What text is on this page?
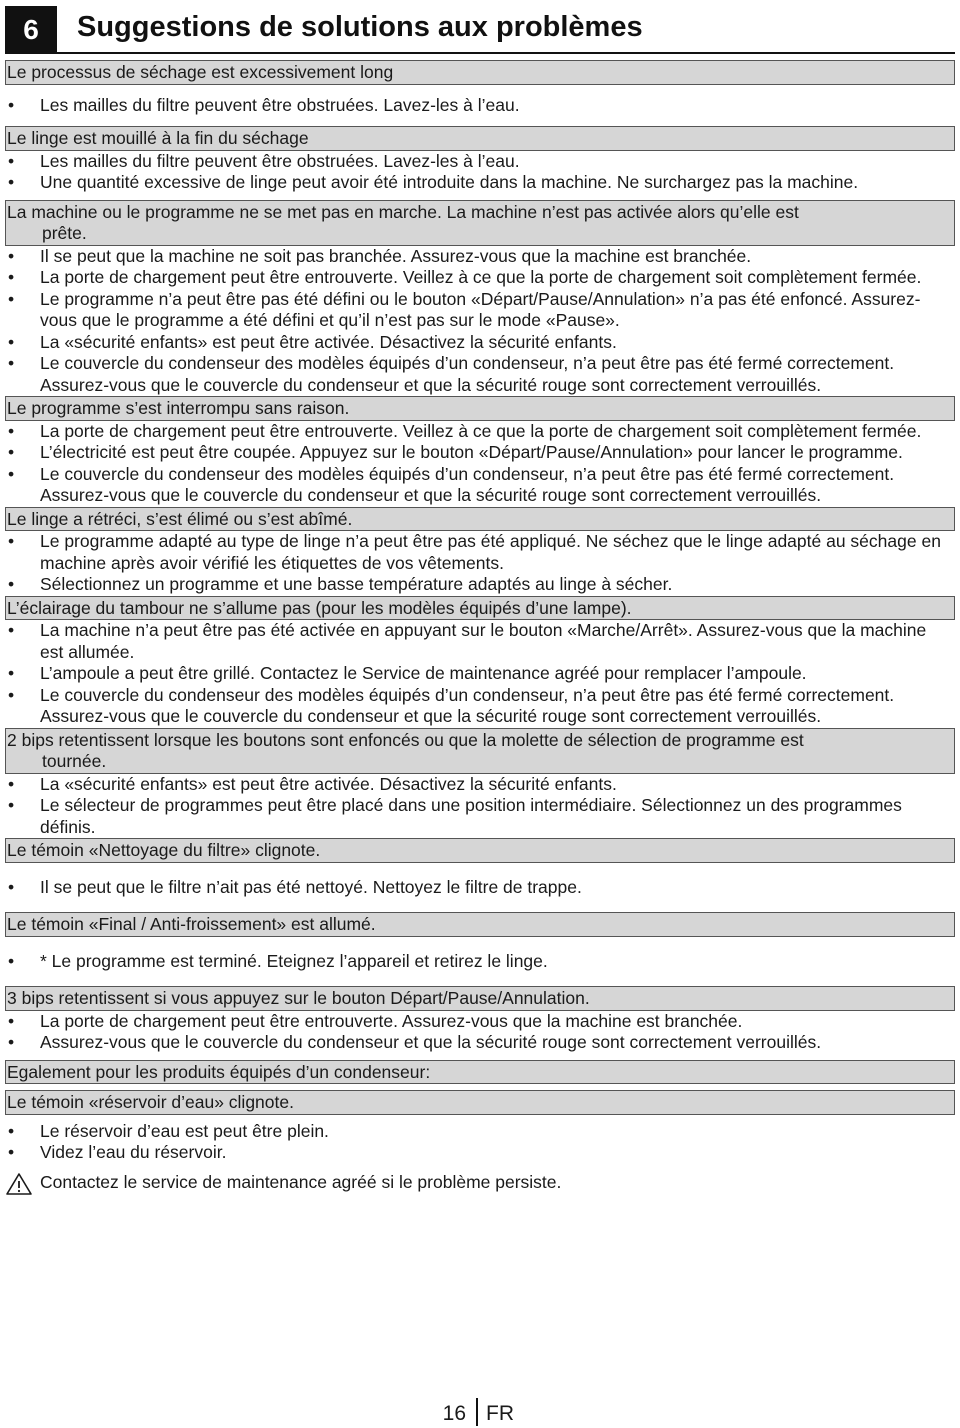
6	Suggestions de solutions aux problèmes
Le processus de séchage est excessivement long
• Les mailles du filtre peuvent être obstruées. Lavez-les à l’eau.
Le linge est mouillé à la fin du séchage
• Les mailles du filtre peuvent être obstruées. Lavez-les à l’eau.
• Une quantité excessive de linge peut avoir été introduite dans la machine. Ne surchargez pas la machine.
La machine ou le programme ne se met pas en marche. La machine n’est pas activée alors qu’elle est
prête.
• Il se peut que la machine ne soit pas branchée. Assurez-vous que la machine est branchée.
• La porte de chargement peut être entrouverte. Veillez à ce que la porte de chargement soit complètement fermée.
• Le programme n’a peut être pas été défini ou le bouton «Départ/Pause/Annulation» n’a pas été enfoncé. Assurez-vous que le programme a été défini et qu’il n’est pas sur le mode «Pause».
• La «sécurité enfants» est peut être activée. Désactivez la sécurité enfants.
• Le couvercle du condenseur des modèles équipés d’un condenseur, n’a peut être pas été fermé correctement. Assurez-vous que le couvercle du condenseur et que la sécurité rouge sont correctement verrouillés.
Le programme s’est interrompu sans raison.
• La porte de chargement peut être entrouverte. Veillez à ce que la porte de chargement soit complètement fermée.
• L’électricité est peut être coupée. Appuyez sur le bouton «Départ/Pause/Annulation» pour lancer le programme.
• Le couvercle du condenseur des modèles équipés d’un condenseur, n’a peut être pas été fermé correctement. Assurez-vous que le couvercle du condenseur et que la sécurité rouge sont correctement verrouillés.
Le linge a rétréci, s’est élimé ou s’est abîmé.
• Le programme adapté au type de linge n’a peut être pas été appliqué. Ne séchez que le linge adapté au séchage en machine après avoir vérifié les étiquettes de vos vêtements.
• Sélectionnez un programme et une basse température adaptés au linge à sécher.
L’éclairage du tambour ne s’allume pas (pour les modèles équipés d’une lampe).
• La machine n’a peut être pas été activée en appuyant sur le bouton «Marche/Arrêt». Assurez-vous que la machine est allumée.
• L’ampoule a peut être grillé. Contactez le Service de maintenance agréé pour remplacer l’ampoule.
• Le couvercle du condenseur des modèles équipés d’un condenseur, n’a peut être pas été fermé correctement. Assurez-vous que le couvercle du condenseur et que la sécurité rouge sont correctement verrouillés.
2 bips retentissent lorsque les boutons sont enfoncés ou que la molette de sélection de programme est
tournée.
• La «sécurité enfants» est peut être activée. Désactivez la sécurité enfants.
• Le sélecteur de programmes peut être placé dans une position intermédiaire. Sélectionnez un des programmes définis.
Le témoin «Nettoyage du filtre» clignote.
• Il se peut que le filtre n’ait pas été nettoyé. Nettoyez le filtre de trappe.
Le témoin «Final / Anti-froissement» est allumé.
• * Le programme est terminé. Eteignez l’appareil et retirez le linge.
3 bips retentissent si vous appuyez sur le bouton Départ/Pause/Annulation.
• La porte de chargement peut être entrouverte. Assurez-vous que la machine est branchée.
• Assurez-vous que le couvercle du condenseur et que la sécurité rouge sont correctement verrouillés.
Egalement pour les produits équipés d’un condenseur:
Le témoin «réservoir d’eau» clignote.
• Le réservoir d’eau est peut être plein.
• Videz l’eau du réservoir.
Contactez le service de maintenance agréé si le problème persiste.
16 FR
